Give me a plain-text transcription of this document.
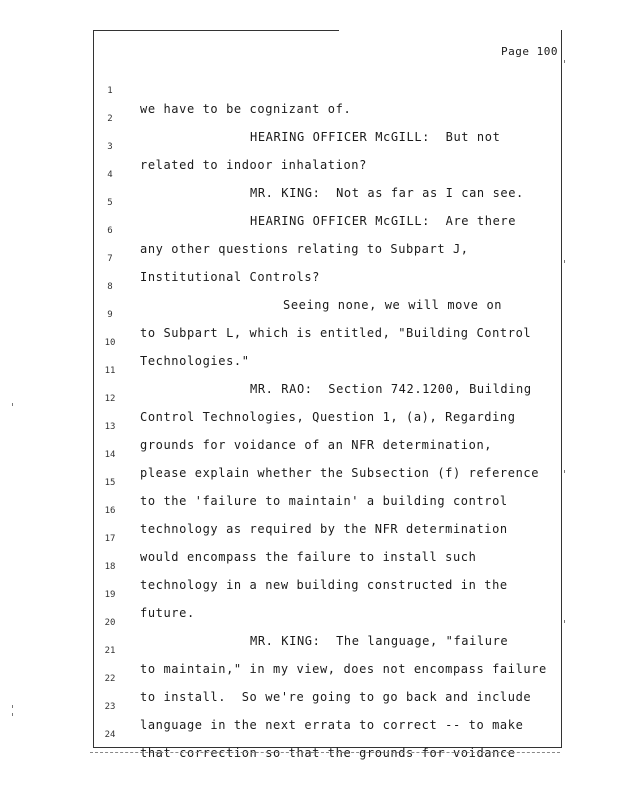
Page 100

1

we have to be cognizant of.

2

HEARING OFFICER McGILL:  But not

3

related to indoor inhalation?

4

MR. KING:  Not as far as I can see.

5

HEARING OFFICER McGILL:  Are there

6

any other questions relating to Subpart J,

7

Institutional Controls?

8

Seeing none, we will move on

9

to Subpart L, which is entitled, "Building Control

10

Technologies."

11

MR. RAO:  Section 742.1200, Building

12

Control Technologies, Question 1, (a), Regarding

13

grounds for voidance of an NFR determination,

14

please explain whether the Subsection (f) reference

15

to the 'failure to maintain' a building control

16

technology as required by the NFR determination

17

would encompass the failure to install such

18

technology in a new building constructed in the

19

future.

20

MR. KING:  The language, "failure

21

to maintain," in my view, does not encompass failure

22

to install.  So we're going to go back and include

23

language in the next errata to correct -- to make

24

that correction so that the grounds for voidance
